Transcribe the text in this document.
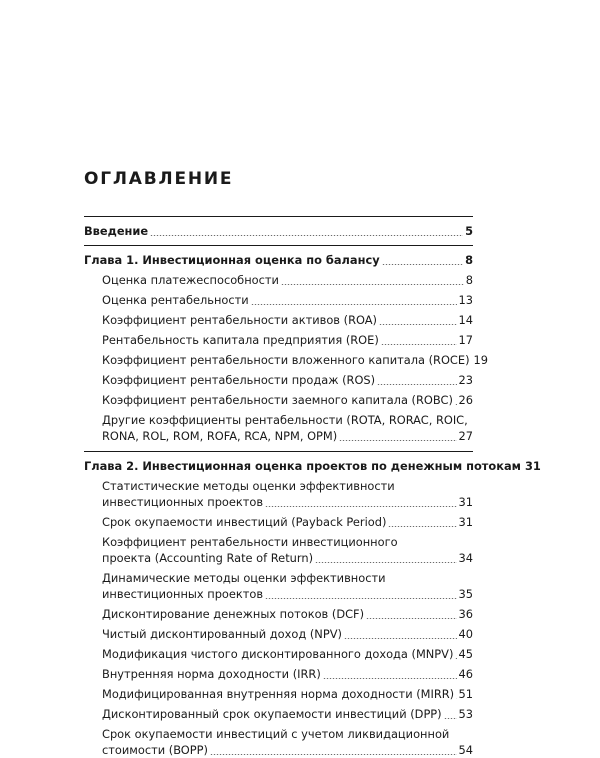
ОГЛАВЛЕНИЕ
Введение	5
Глава 1. Инвестиционная оценка по балансу	8
Оценка платежеспособности	8
Оценка рентабельности	13
Коэффициент рентабельности активов (ROA)	14
Рентабельность капитала предприятия (ROE)	17
Коэффициент рентабельности вложенного капитала (ROCE) 19
Коэффициент рентабельности продаж (ROS)	23
Коэффициент рентабельности заемного капитала (ROBC) 26
Другие коэффициенты рентабельности (ROTA, RORAC, ROIC,
RONA, ROL, ROM, ROFA, RCA, NPM, OPM)	27
Глава 2. Инвестиционная оценка проектов по денежным потокам 31
Статистические методы оценки эффективности
инвестиционных проектов	31
Срок окупаемости инвестиций (Payback Period)	31
Коэффициент рентабельности инвестиционного
проекта (Accounting Rate of Return)	34
Динамические методы оценки эффективности
инвестиционных проектов	35
Дисконтирование денежных потоков (DCF)	36
Чистый дисконтированный доход (NPV)	40
Модификация чистого дисконтированного дохода (MNPV) 45
Внутренняя норма доходности (IRR)	46
Модифицированная внутренняя норма доходности (MIRR) 51
Дисконтированный срок окупаемости инвестиций (DPP) 53
Срок окупаемости инвестиций с учетом ликвидационной
стоимости (BOPP)	54
